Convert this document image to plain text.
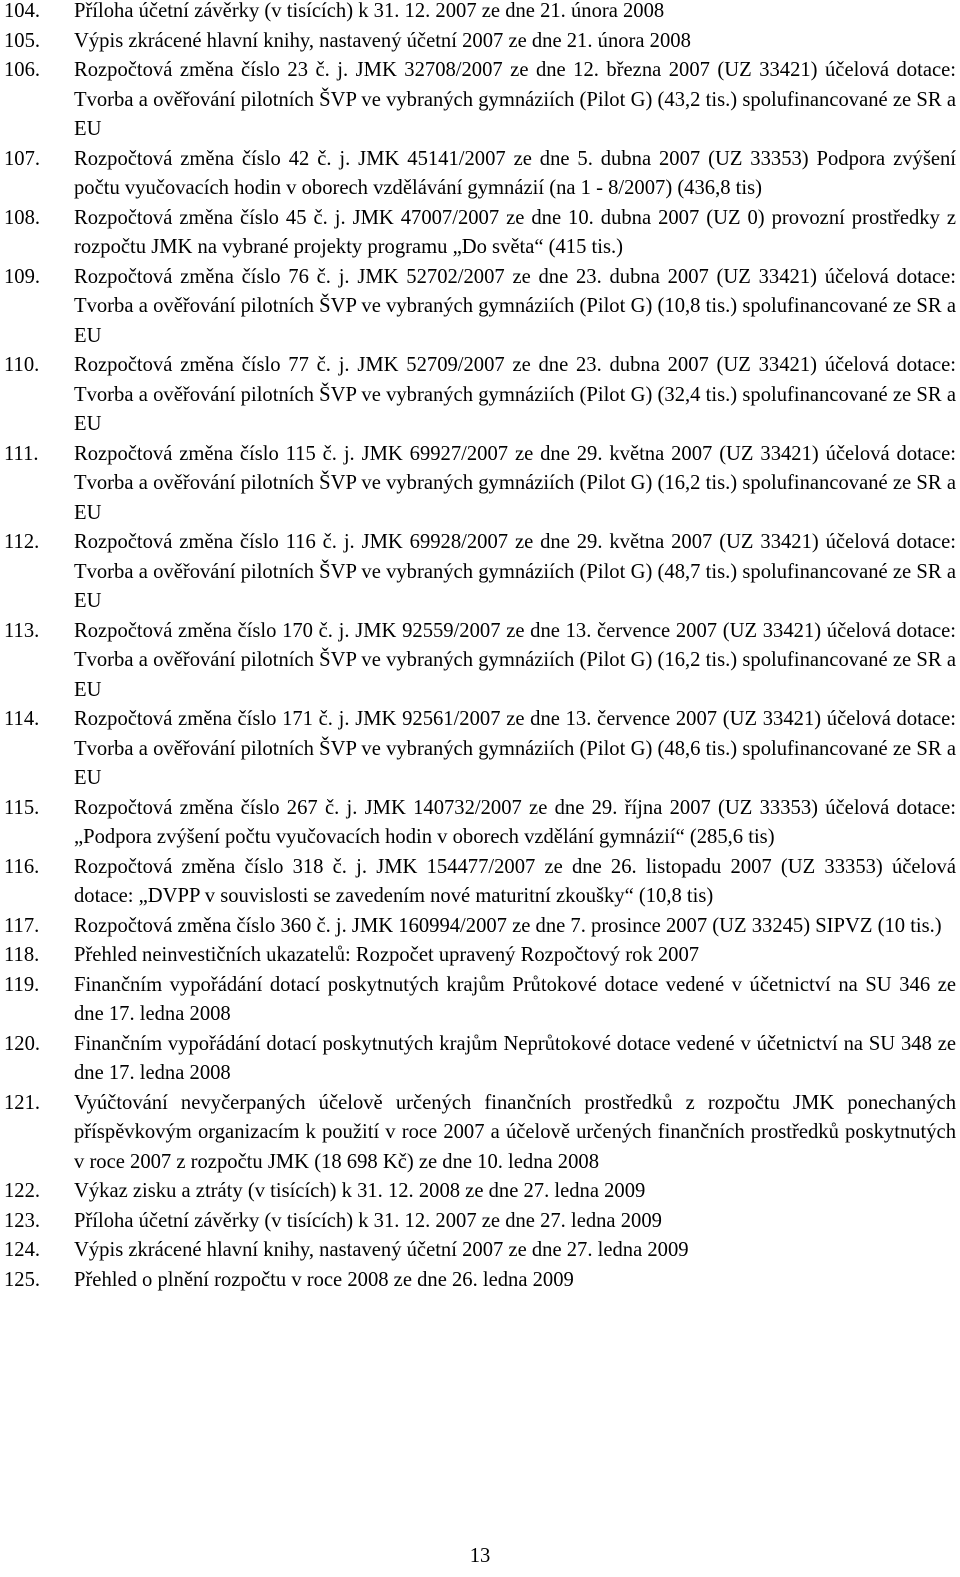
104.	Příloha účetní závěrky (v tisících) k 31. 12. 2007 ze dne 21. února 2008
105.	Výpis zkrácené hlavní knihy, nastavený účetní 2007 ze dne 21. února 2008
106.	Rozpočtová změna číslo 23 č. j. JMK 32708/2007 ze dne 12. března 2007 (UZ 33421) účelová dotace: Tvorba a ověřování pilotních ŠVP ve vybraných gymnáziích (Pilot G) (43,2 tis.) spolufinancované ze SR a EU
107.	Rozpočtová změna číslo 42 č. j. JMK 45141/2007 ze dne 5. dubna 2007 (UZ 33353) Podpora zvýšení počtu vyučovacích hodin v oborech vzdělávání gymnázií (na 1 - 8/2007) (436,8 tis)
108.	Rozpočtová změna číslo 45 č. j. JMK 47007/2007 ze dne 10. dubna 2007 (UZ 0) provozní prostředky z rozpočtu JMK na vybrané projekty programu „Do světa“ (415 tis.)
109.	Rozpočtová změna číslo 76 č. j. JMK 52702/2007 ze dne 23. dubna 2007 (UZ 33421) účelová dotace: Tvorba a ověřování pilotních ŠVP ve vybraných gymnáziích (Pilot G) (10,8 tis.) spolufinancované ze SR a EU
110.	Rozpočtová změna číslo 77 č. j. JMK 52709/2007 ze dne 23. dubna 2007 (UZ 33421) účelová dotace: Tvorba a ověřování pilotních ŠVP ve vybraných gymnáziích (Pilot G) (32,4 tis.) spolufinancované ze SR a EU
111.	Rozpočtová změna číslo 115 č. j. JMK 69927/2007 ze dne 29. května 2007 (UZ 33421) účelová dotace: Tvorba a ověřování pilotních ŠVP ve vybraných gymnáziích (Pilot G) (16,2 tis.) spolufinancované ze SR a EU
112.	Rozpočtová změna číslo 116 č. j. JMK 69928/2007 ze dne 29. května 2007 (UZ 33421) účelová dotace: Tvorba a ověřování pilotních ŠVP ve vybraných gymnáziích (Pilot G) (48,7 tis.) spolufinancované ze SR a EU
113.	Rozpočtová změna číslo 170 č. j. JMK 92559/2007 ze dne 13. července 2007 (UZ 33421) účelová dotace: Tvorba a ověřování pilotních ŠVP ve vybraných gymnáziích (Pilot G) (16,2 tis.) spolufinancované ze SR a EU
114.	Rozpočtová změna číslo 171 č. j. JMK 92561/2007 ze dne 13. července 2007 (UZ 33421) účelová dotace: Tvorba a ověřování pilotních ŠVP ve vybraných gymnáziích (Pilot G) (48,6 tis.) spolufinancované ze SR a EU
115.	Rozpočtová změna číslo 267 č. j. JMK 140732/2007 ze dne 29. října 2007 (UZ 33353) účelová dotace: „Podpora zvýšení počtu vyučovacích hodin v oborech vzdělání gymnázií“ (285,6 tis)
116.	Rozpočtová změna číslo 318 č. j. JMK 154477/2007 ze dne 26. listopadu 2007 (UZ 33353) účelová dotace: „DVPP v souvislosti se zavedením nové maturitní zkoušky“ (10,8 tis)
117.	Rozpočtová změna číslo 360 č. j. JMK 160994/2007 ze dne 7. prosince 2007 (UZ 33245) SIPVZ (10 tis.)
118.	Přehled neinvestičních ukazatelů: Rozpočet upravený Rozpočtový rok 2007
119.	Finančním vypořádání dotací poskytnutých krajům Průtokové dotace vedené v účetnictví na SU 346 ze dne 17. ledna 2008
120.	Finančním vypořádání dotací poskytnutých krajům Neprůtokové dotace vedené v účetnictví na SU 348 ze dne 17. ledna 2008
121.	Vyúčtování nevyčerpaných účelově určených finančních prostředků z rozpočtu JMK ponechaných příspěvkovým organizacím k použití v roce 2007 a účelově určených finančních prostředků poskytnutých v roce 2007 z rozpočtu JMK (18 698 Kč) ze dne 10. ledna 2008
122.	Výkaz zisku a ztráty (v tisících) k 31. 12. 2008 ze dne 27. ledna 2009
123.	Příloha účetní závěrky (v tisících) k 31. 12. 2007 ze dne 27. ledna 2009
124.	Výpis zkrácené hlavní knihy, nastavený účetní 2007 ze dne 27. ledna 2009
125.	Přehled o plnění rozpočtu v roce 2008 ze dne 26. ledna 2009
13
